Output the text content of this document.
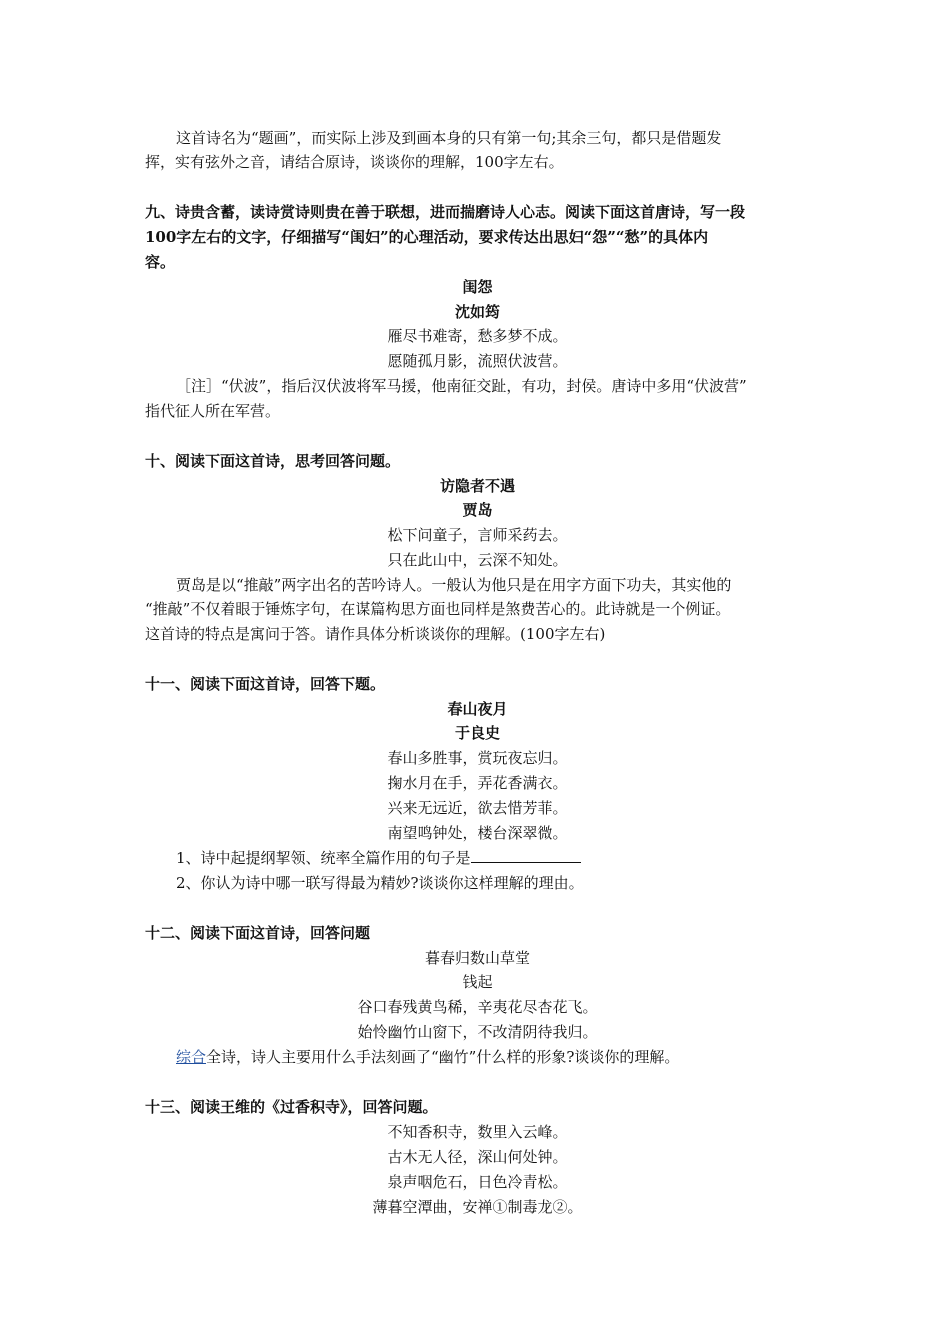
这首诗名为“题画”，而实际上涉及到画本身的只有第一句;其余三句，都只是借题发
挥，实有弦外之音，请结合原诗，谈谈你的理解，100字左右。
九、诗贵含蓄，读诗赏诗则贵在善于联想，进而揣磨诗人心志。阅读下面这首唐诗，写一段
100字左右的文字，仔细描写“闺妇”的心理活动，要求传达出思妇“怨”“愁”的具体内
容。
闺怨
沈如筠
雁尽书难寄，愁多梦不成。
愿随孤月影，流照伏波营。
［注］“伏波”，指后汉伏波将军马援，他南征交趾，有功，封侯。唐诗中多用“伏波营”
指代征人所在军营。
十、阅读下面这首诗，思考回答问题。
访隐者不遇
贾岛
松下问童子，言师采药去。
只在此山中，云深不知处。
贾岛是以“推敲”两字出名的苦吟诗人。一般认为他只是在用字方面下功夫，其实他的
“推敲”不仅着眼于锤炼字句，在谋篇构思方面也同样是煞费苦心的。此诗就是一个例证。
这首诗的特点是寓问于答。请作具体分析谈谈你的理解。(100字左右)
十一、阅读下面这首诗，回答下题。
春山夜月
于良史
春山多胜事，赏玩夜忘归。
掬水月在手，弄花香满衣。
兴来无远近，欲去惜芳菲。
南望鸣钟处，楼台深翠微。
1、诗中起提纲挈领、统率全篇作用的句子是
2、你认为诗中哪一联写得最为精妙?谈谈你这样理解的理由。
十二、阅读下面这首诗，回答问题
暮春归数山草堂
钱起
谷口春残黄鸟稀，辛夷花尽杏花飞。
始怜幽竹山窗下，不改清阴待我归。
综合全诗，诗人主要用什么手法刻画了“幽竹”什么样的形象?谈谈你的理解。
十三、阅读王维的《过香积寺》，回答问题。
不知香积寺，数里入云峰。
古木无人径，深山何处钟。
泉声咽危石，日色冷青松。
薄暮空潭曲，安禅①制毒龙②。
